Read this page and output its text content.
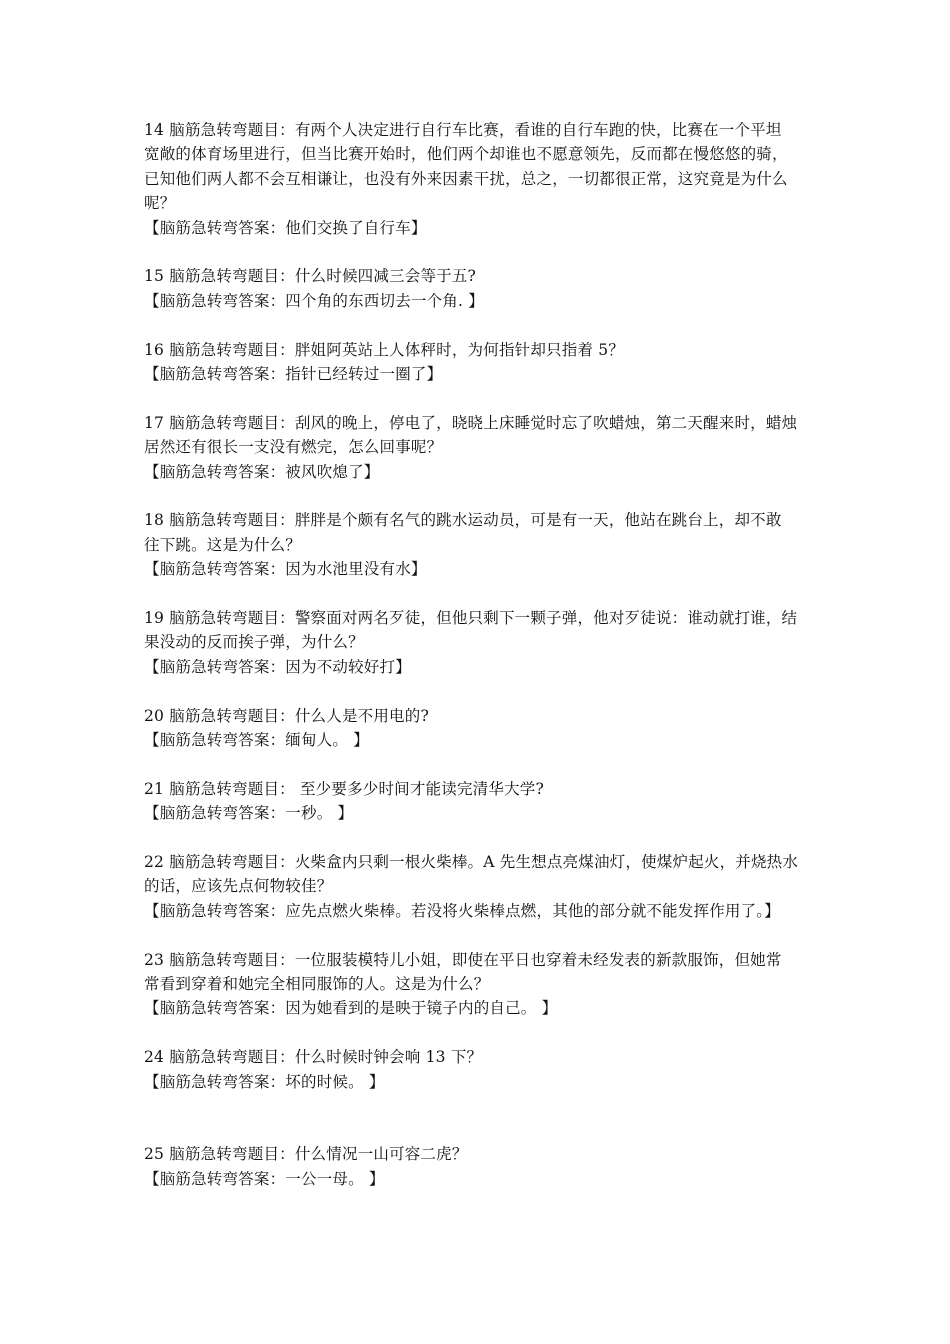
14 脑筋急转弯题目：有两个人决定进行自行车比赛，看谁的自行车跑的快，比赛在一个平坦
宽敞的体育场里进行，但当比赛开始时，他们两个却谁也不愿意领先，反而都在慢悠悠的骑，
已知他们两人都不会互相谦让，也没有外来因素干扰，总之，一切都很正常，这究竟是为什么
呢？
【脑筋急转弯答案：他们交换了自行车】
15 脑筋急转弯题目：什么时候四减三会等于五?
【脑筋急转弯答案：四个角的东西切去一个角. 】
16 脑筋急转弯题目：胖姐阿英站上人体秤时，为何指针却只指着 5？
【脑筋急转弯答案：指针已经转过一圈了】
17 脑筋急转弯题目：刮风的晚上，停电了，晓晓上床睡觉时忘了吹蜡烛，第二天醒来时，蜡烛
居然还有很长一支没有燃完，怎么回事呢？
【脑筋急转弯答案：被风吹熄了】
18 脑筋急转弯题目：胖胖是个颇有名气的跳水运动员，可是有一天，他站在跳台上，却不敢
往下跳。这是为什么？
【脑筋急转弯答案：因为水池里没有水】
19 脑筋急转弯题目：警察面对两名歹徒，但他只剩下一颗子弹，他对歹徒说：谁动就打谁，结
果没动的反而挨子弹，为什么？
【脑筋急转弯答案：因为不动较好打】
20 脑筋急转弯题目：什么人是不用电的?
【脑筋急转弯答案：缅甸人。 】
21 脑筋急转弯题目： 至少要多少时间才能读完清华大学?
【脑筋急转弯答案：一秒。 】
22 脑筋急转弯题目：火柴盒内只剩一根火柴棒。A 先生想点亮煤油灯，使煤炉起火，并烧热水
的话，应该先点何物较佳？
【脑筋急转弯答案：应先点燃火柴棒。若没将火柴棒点燃，其他的部分就不能发挥作用了。】
23 脑筋急转弯题目：一位服装模特儿小姐，即使在平日也穿着未经发表的新款服饰，但她常
常看到穿着和她完全相同服饰的人。这是为什么？
【脑筋急转弯答案：因为她看到的是映于镜子内的自己。 】
24 脑筋急转弯题目：什么时候时钟会响 13 下？
【脑筋急转弯答案：坏的时候。 】
25 脑筋急转弯题目：什么情况一山可容二虎？
【脑筋急转弯答案：一公一母。 】
